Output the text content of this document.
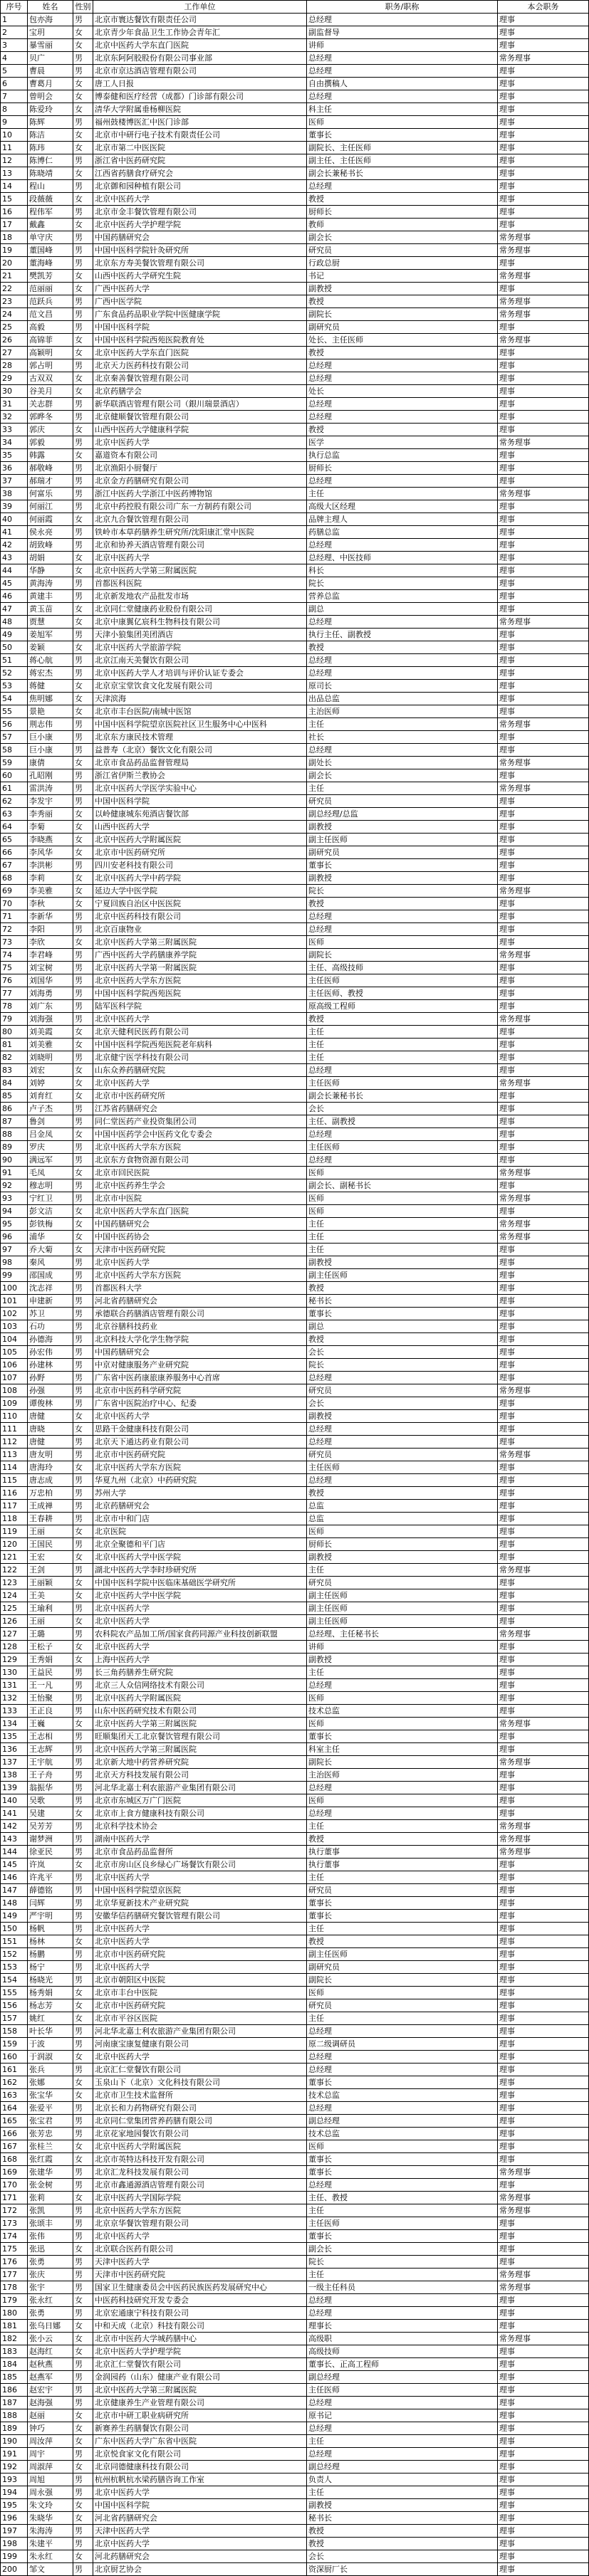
序号	姓名	性别	工作单位	职务/职称	本会职务
1	包亦海	男	北京市寰达餐饮有限责任公司	总经理	理事
2	宝玥	女	北京青少年食品卫生工作协会青年汇	副监督导	理事
3	暴雪丽	女	北京中医药大学东直门医院	讲师	理事
4	贝广	男	北京东阿阿胶股份有限公司事业部	总经理	常务理事
5	曹晨	男	北京市京达酒店管理有限公司	总经理	理事
6	曹葛月	女	唐工人日报	自由撰稿人	理事
7	曾明会	女	博泰健和医疗经营（成都）门诊部有限公司	总经理	理事
8	陈爱玲	女	清华大学附属垂杨柳医院	科主任	理事
9	陈辉	男	福州鼓楼博医汇中医门诊部	医师	理事
10	陈洁	女	北京市中研行电子技术有限责任公司	董事长	理事
11	陈玮	女	北京市第二中医医院	副院长、主任医师	理事
12	陈博仁	男	浙江省中医药研究院	副主任、主任医师	理事
13	陈晓靖	女	江西省药膳食疗研究会	副会长兼秘书长	理事
14	程山	男	北京御和园种植有限公司	总经理	理事
15	段薇薇	女	北京中医药大学	教授	理事
16	程伟军	男	北京市金丰餐饮管理有限公司	厨师长	理事
17	戴鑫	女	北京中医药大学护理学院	教师	理事
18	单守庆	男	中国药膳研究会	副会长	常务理事
19	董国峰	男	中国中医科学院针灸研究所	研究员	常务理事
20	董海峰	男	北京东方寿美餐饮管理有限公司	行政总厨	理事
21	樊凯芳	女	山西中医药大学研究生院	书记	常务理事
22	范丽丽	女	广西中医药大学	副教授	理事
23	范跃兵	男	广西中医学院	教授	常务理事
24	范文昌	男	广东食品药品职业学院中医健康学院	副院长	常务理事
25	高毅	男	中国中医科学院	副研究员	理事
26	高锦菲	女	中国中医科学院西苑医院教育处	处长、主任医师	常务理事
27	高颖明	女	北京中医药大学东直门医院	教授	理事
28	郭占明	男	北京天力医药科技有限公司	总经理	理事
29	古双双	女	北京秦善餐饮管理有限公司	总经理	理事
30	谷美月	女	北京药膳学会	处长	理事
31	关志群	男	新华联酒店管理有限公司（銀川瑞景酒店）	总经理	理事
32	郭晔冬	男	北京健顺餐饮管理有限公司	总经理	理事
33	郭庆	女	山西中医药大学健康科学院	教授	理事
34	郭毅	男	北京中医药大学	医学	常务理事
35	韩露	女	嘉道资本有限公司	执行总监	理事
36	郝敬峰	男	北京渔阳小厨餐厅	厨师长	理事
37	郝瑞才	男	北京金方药膳研究有限公司	总经理	理事
38	何富乐	男	浙江中医药大学浙江中医药博物馆	主任	常务理事
39	何丽江	男	北京中药控股有限公司广东一方制药有限公司	高级大区经理	理事
40	何丽霞	女	北京九合餐饮管理有限公司	品牌主理人	理事
41	侯永亮	男	铁岭市本草药膳养生研究所/沈阳康汇堂中医院	药膳总监	理事
42	胡致峰	男	北京和协养天酒店管理有限公司	总经理	理事
43	胡娟	女	北京中医药大学	总经理、中医技师	理事
44	华静	女	北京中医药大学第三附属医院	科长	理事
45	黄海涛	男	首都医科医院	院长	理事
46	黄建丰	男	北京新发地农产品批发市场	营养总监	理事
47	黄玉苗	女	北京同仁堂健康药业股份有限公司	副总	理事
48	贾慧	女	北京中康翼亿宸科生物科技有限公司	总经理	常务理事
49	姜旭军	男	天津小狼集团美团酒店	执行主任、副教授	理事
50	姜颖	女	北京中医药大学旅游学院	教授	理事
51	蒋心航	男	北京江南天美餐饮有限公司	总经理	理事
52	蒋宏杰	男	北京中医药大学人才培训与评价认证专委会	总经理	理事
53	蒋健	女	北京京宝堂饮食文化发展有限公司	原司长	理事
54	焦明娜	女	天津滨海	出品总监	理事
55	景艳	女	北京市丰台医院/南城中医馆	主治医师	理事
56	荆志伟	男	中国中医科学院望京医院社区卫生服务中心中医科	主任	常务理事
57	巨小康	男	北京东方康民技术管理	社长	理事
58	巨小康	男	益普寿（北京）餐饮文化有限公司	总经理	理事
59	康倩	女	北京市食品药品监督管理局	副处长	常务理事
60	孔昭刚	男	浙江省伊斯兰教协会	副会长	理事
61	雷洪涛	男	北京中医药大学医学实验中心	主任	常务理事
62	李发宇	男	中国中医科学院	研究员	理事
63	李秀丽	女	以岭健康城东苑酒店餐饮部	副总经理/总监	理事
64	李菊	女	山西中医药大学	副教授	理事
65	李晓燕	女	北京中医药大学附属医院	副主任医师	理事
66	李风华	女	北京市中医药研究所	副研究员	理事
67	李洪彬	男	四川安老科技有限公司	董事长	理事
68	李莉	女	北京中医药大学中药学院	副教授	理事
69	李美雅	女	延边大学中医学院	院长	常务理事
70	李秋	女	宁夏回族自治区中医医院	教授	理事
71	李新华	男	北京中医药科技有限公司	总经理	理事
72	李阳	男	北京百康物业	总经理	理事
73	李欣	女	北京中医药大学第三附属医院	医师	理事
74	李君峰	男	广西中医药大学药膳康养学院	副院长	常务理事
75	刘宝树	男	北京中医药大学第一附属医院	主任、高级技师	理事
76	刘国华	男	北京中医药大学东方医院	主任医师	理事
77	刘海勇	男	中国中医科学院西苑医院	主任医师、教授	理事
78	刘广东	男	陆军医科学院	原高级工程师	理事
79	刘海强	男	北京中医药大学	教授	常务理事
80	刘美霞	女	北京天健利民医药有限公司	主任	理事
81	刘美雅	女	中国中医科学院西苑医院老年病科	主任	理事
82	刘晓明	男	北京健宁医学科技有限公司	主任	理事
83	刘宏	女	山东众养药膳研究院	总经理	理事
84	刘婷	女	北京中医药大学	主任医师	常务理事
85	刘育红	女	北京市中医药研究所	副会长兼秘书长	理事
86	卢子杰	男	江苏省药膳研究会	会长	理事
87	鲁剑	男	同仁堂医药产业投资集团公司	主任、副教授	理事
88	吕金凤	女	中国中医药学会中医药文化专委会	总经理	理事
89	罗庆	男	北京中医药大学东方医院	主任医师	理事
90	满远军	男	北京东方食物资源有限公司	总经理	理事
91	毛凤	女	北京市回民医院	医师	常务理事
92	穆志明	男	北京中医药养生学会	副会长、副秘书长	理事
93	宁红卫	男	北京市中医院	医师	常务理事
94	彭文洁	女	北京中医药大学东直门医院	医师	理事
95	彭铁梅	女	中国药膳研究会	主任	常务理事
96	浦华	女	中国中医药协会	主任	常务理事
97	乔大菊	女	天津市中医药研究院	主任	理事
98	秦风	男	北京中医药大学	副教授	理事
99	邵国成	男	北京中医药大学东方医院	副主任医师	理事
100	沈志祥	男	首都医科大学	教授	理事
101	申建新	男	河北省药膳研究会	秘书长	理事
102	苏卫	男	承德联合药膳酒店管理有限公司	董事长	理事
103	石功	男	北京谷膳科技药业	副总	理事
104	孙德海	男	北京科技大学化学生物学院	教授	理事
105	孙宏伟	男	中国药膳研究会	会长	理事
106	孙建林	男	中京对健康服务产业研究院	院长	理事
107	孙野	男	广东省中医药康旅康养服务中心首席	总经理	理事
108	孙强	男	北京市中医药科学研究院	研究员	常务理事
109	谭俊林	男	广东省中医院治疗中心、纪委	会长	理事
110	唐健	女	北京中医药大学	副教授	理事
111	唐晓	女	思路干金健康科技有限公司	总经理	理事
112	唐健	男	北京天下通达药业有限公司	总经理	理事
113	唐友明	男	北京市中医药研究院	研究员	常务理事
114	唐海玲	女	北京中医药大学东方医院	主任医师	理事
115	唐志成	男	华夏九州（北京）中药研究院	总经理	理事
116	万忠柏	男	苏州大学	教授	理事
117	王成禅	男	北京药膳研究会	总监	理事
118	王春耕	男	北京市中和门店	总监	理事
119	王丽	女	北京医院	医师	理事
120	王国民	男	北京全聚德和平门店	厨师长	理事
121	王宏	女	北京中医药大学中医学院	副教授	理事
122	王剑	男	湖北中医药大学李时珍研究所	主任	常务理事
123	王丽颖	女	中国中医科学院中医临床基础医学研究所	研究员	理事
124	王美	女	北京中医药大学中医学院	副主任医师	理事
125	王瑜利	男	北京中医药大学	副主任医师	理事
126	王丽	女	北京中医药大学	副主任医师	理事
127	王璐	男	农科院农产品加工所/国家食药同源产业科技创新联盟	总经理、主任秘书长	常务理事
128	王松子	女	北京中医药大学	讲师	理事
129	王秀娟	女	上海中医药大学	副教授	理事
130	王益民	男	长三角药膳养生研究院	主任	理事
131	王一凡	男	北京三人众信网络技术有限公司	总经理	理事
132	王怡聚	男	北京中医药大学附属医院	医师	理事
133	王正良	男	山东中医药研究技术有限公司	技术总监	理事
134	王巍	女	北京中医药大学第三附属医院	医师	常务理事
135	王志相	男	旺顺集团天工北京餐饮管理有限公司	董事长	理事
136	王志辉	男	北京中医药大学第三附属医院	科室主任	理事
137	王宇航	男	北京新大地中药营养研究院	副院长	常务理事
138	王子舟	男	北京天方科技发展有限公司	主治医师	理事
139	翁振华	男	河北华北嘉士利农旅游产业集团有限公司	总经理	理事
140	吴歌	男	北京市东城区万广门医院	医师	理事
141	吴建	女	北京市上食方健康科技有限公司	总经理	理事
142	吴芳芳	男	北京科学技术协会	主任	常务理事
143	谢梦洲	男	湖南中医药大学	教授	常务理事
144	徐亚民	男	北京市食品药品监督所	执行董事	常务理事
145	许岚	女	北京市房山区良乡绿心广场餐饮有限公司	执行董事	理事
146	许兆平	男	北京中医药大学	主任	理事
147	薛德铭	男	中国中医科学院望京医院	研究员	理事
148	闫辉	男	北京华夏新技术产业研究院	董事长	理事
149	严宇明	男	安徽华信药膳研究餐饮管理有限公司	董事长	理事
150	杨帆	男	北京中医药大学	主任	理事
151	杨林	女	北京中医药大学	教授	理事
152	杨鹏	男	北京市中医药研究院	副主任医师	理事
153	杨宁	男	北京中医药大学	副研究员	理事
154	杨晓光	男	北京市朝阳区中医院	副院长	理事
155	杨秀娟	女	北京市丰台中医院	医师	理事
156	杨志芳	女	北京市中医药研究院	研究员	理事
157	姚红	女	北京市平谷区医院	主任	理事
158	叶长华	男	河北华北嘉士利农旅游产业集团有限公司	总经理	理事
159	于波	男	河南康宝康复健康有限公司	原二级调研员	理事
160	于润淑	女	北京中医药大学	总经理	理事
161	张兵	男	北京汇仁堂餐饮有限公司	总经理	理事
162	张娜	女	玉泉山下（北京）文化科技有限公司	董事长	理事
163	张宝华	女	北京市卫生技术监督所	技术总监	理事
164	张爱平	男	北京长和力药物研究有限公司	总经理	理事
165	张宝君	男	北京同仁堂集团营养药膳有限公司	副总经理	理事
166	张芳忠	男	北京花家地园餐饮有限公司	技术总监	理事
167	张桂兰	女	北京中医药大学附属医院	医师	理事
168	张红霞	女	北京市英特达科技开发有限公司	董事长	理事
169	张建华	男	北京汇龙科技发展有限公司	董事长	常务理事
170	张金树	男	北京市鑫通源酒店管理有限公司	总经理	理事
171	张莉	女	北京中医药大学国际学院	主任、教授	常务理事
172	张凯	男	北京中医药大学东方医院	主任	常务理事
173	张颂丰	男	北京京华餐饮管理有限公司	主任医师	理事
174	张伟	男	北京中医药大学	董事长	理事
175	张迅	女	北京联合医药有限公司	副会长	理事
176	张勇	男	天津中医药大学	院长	理事
177	张庆	男	天津市中医药研究院	主任	常务理事
178	张宇	男	国家卫生健康委员会中医药民族医药发展研究中心	一级主任科员	常务理事
179	张永红	女	中医药科技研究开发专委会	总经理	理事
180	张勇	男	北京宏通康宁科技有限公司	总经理	理事
181	张乌日娜	女	中和天成（北京）科技有限公司	理事长	理事
182	张小云	女	北京市中医药大学城药膳中心	高级职	常务理事
183	赵海红	女	北京中医药大学护理学院	高级技师	理事
184	赵秋燕	男	北京汇仁堂餐饮有限公司	董事长、正高工程师	理事
185	赵燕军	男	金润园药（山东）健康产业有限公司	副总经理	理事
186	赵宏宇	男	北京中医药大学第三附属医院	主任医师	理事
187	赵海强	男	北京健康养生产业管理有限公司	总经理	理事
188	赵丽	女	北京市中研工职业病研究所	原书记	理事
189	钟巧	女	新赛养生药膳餐饮有限公司	总经理	理事
190	周汝萍	女	广东中医药大学广东省中医院	主任	理事
191	周宇	男	北京悦食家文化有限公司	总经理	理事
192	周淑萍	女	北京同德健康科技有限公司	副总经理	理事
193	周旭	男	杭州杭帆杭水梁药膳咨询工作室	负责人	理事
194	周永强	男	北京中医药大学	主任	理事
195	朱文玲	女	中国中医科学院	副教授	理事
196	朱晓华	女	河北省药膳研究会	秘书长	理事
197	朱海涛	男	天津中医药大学	教授	理事
198	朱建平	男	北京中医药大学	教授	理事
199	朱永红	女	河北药膳研究会	会长	理事
200	邹文	男	北京厨艺协会	资深厨厂长	理事
